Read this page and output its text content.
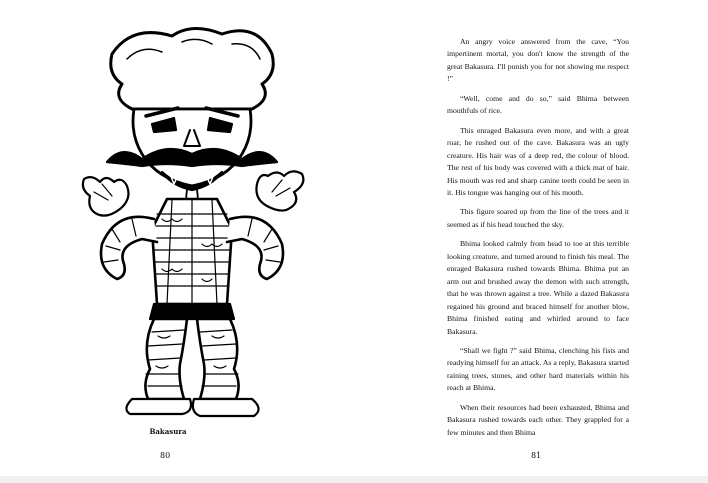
Bakasura
80

An angry voice answered from the cave, “You impertinent mortal, you don't know the strength of the great Bakasura. I'll punish you for not showing me respect !”

“Well, come and do so,” said Bhima between mouthfuls of rice.

This enraged Bakasura even more, and with a great roar, he rushed out of the cave. Bakasura was an ugly creature. His hair was of a deep red, the colour of blood. The rest of his body was covered with a thick mat of hair. His mouth was red and sharp canine teeth could be seen in it. His tongue was hanging out of his mouth.

This figure soared up from the line of the trees and it seemed as if his head touched the sky.

Bhima looked calmly from head to toe at this terrible looking creature, and turned around to finish his meal. The enraged Bakasura rushed towards Bhima. Bhima put an arm out and brushed away the demon with such strength, that he was thrown against a tree. While a dazed Bakasura regained his ground and braced himself for another blow, Bhima finished eating and whirled around to face Bakasura.

“Shall we fight ?” said Bhima, clenching his fists and readying himself for an attack. As a reply, Bakasura started raining trees, stones, and other hard materials within his reach at Bhima.

When their resources had been exhausted, Bhima and Bakasura rushed towards each other. They grappled for a few minutes and then Bhima

81
